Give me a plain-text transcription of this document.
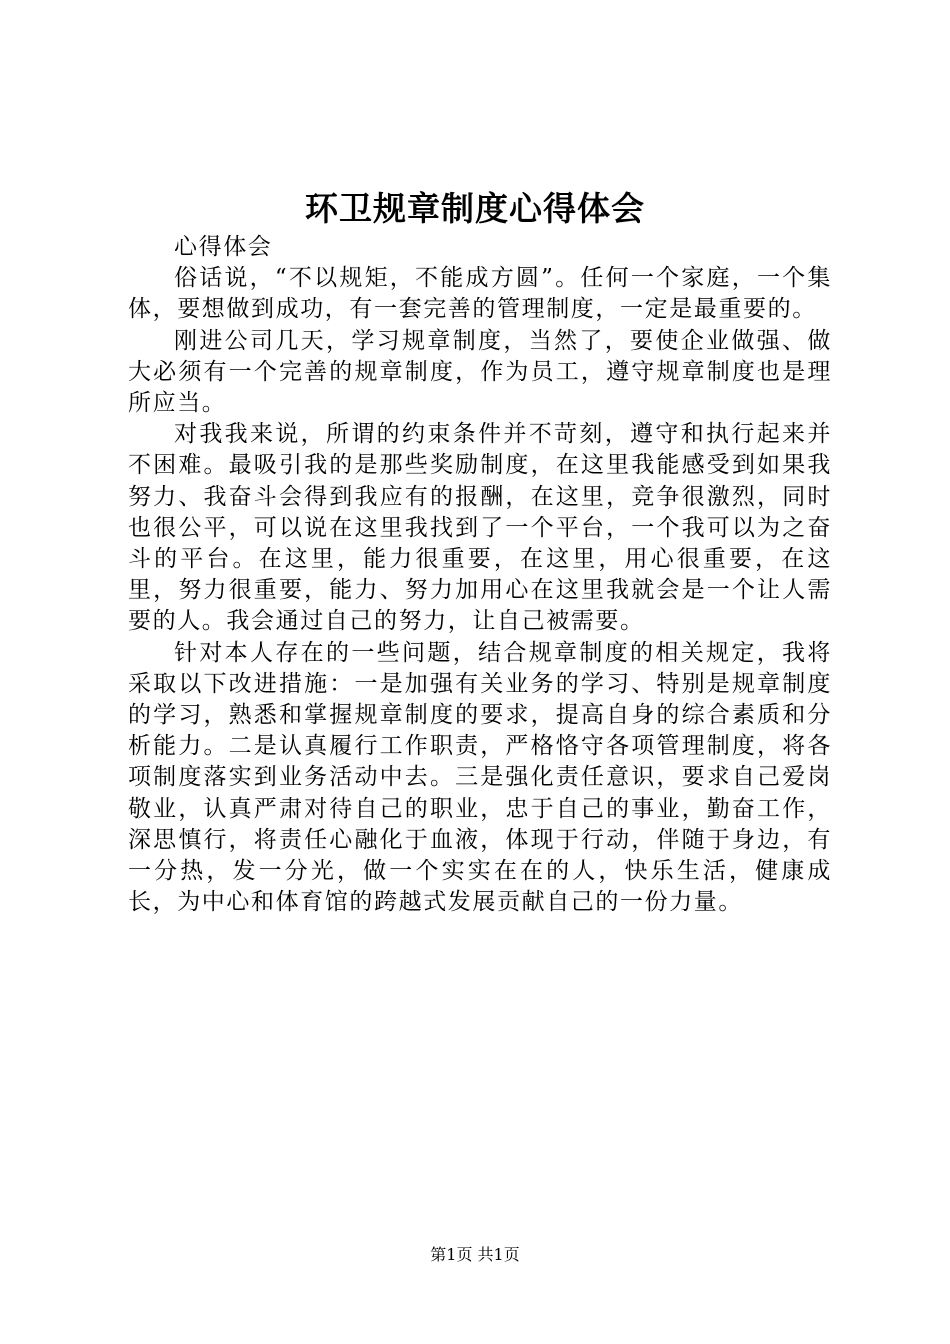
环卫规章制度心得体会

心得体会

俗话说，“不以规矩，不能成方圆”。任何一个家庭，一个集体，要想做到成功，有一套完善的管理制度，一定是最重要的。

刚进公司几天，学习规章制度，当然了，要使企业做强、做大必须有一个完善的规章制度，作为员工，遵守规章制度也是理所应当。

对我我来说，所谓的约束条件并不苛刻，遵守和执行起来并不困难。最吸引我的是那些奖励制度，在这里我能感受到如果我努力、我奋斗会得到我应有的报酬，在这里，竞争很激烈，同时也很公平，可以说在这里我找到了一个平台，一个我可以为之奋斗的平台。在这里，能力很重要，在这里，用心很重要，在这里，努力很重要，能力、努力加用心在这里我就会是一个让人需要的人。我会通过自己的努力，让自己被需要。

针对本人存在的一些问题，结合规章制度的相关规定，我将采取以下改进措施：一是加强有关业务的学习、特别是规章制度的学习，熟悉和掌握规章制度的要求，提高自身的综合素质和分析能力。二是认真履行工作职责，严格恪守各项管理制度，将各项制度落实到业务活动中去。三是强化责任意识，要求自己爱岗敬业，认真严肃对待自己的职业，忠于自己的事业，勤奋工作，深思慎行，将责任心融化于血液，体现于行动，伴随于身边，有一分热，发一分光，做一个实实在在的人，快乐生活，健康成长，为中心和体育馆的跨越式发展贡献自己的一份力量。

第1页 共1页
